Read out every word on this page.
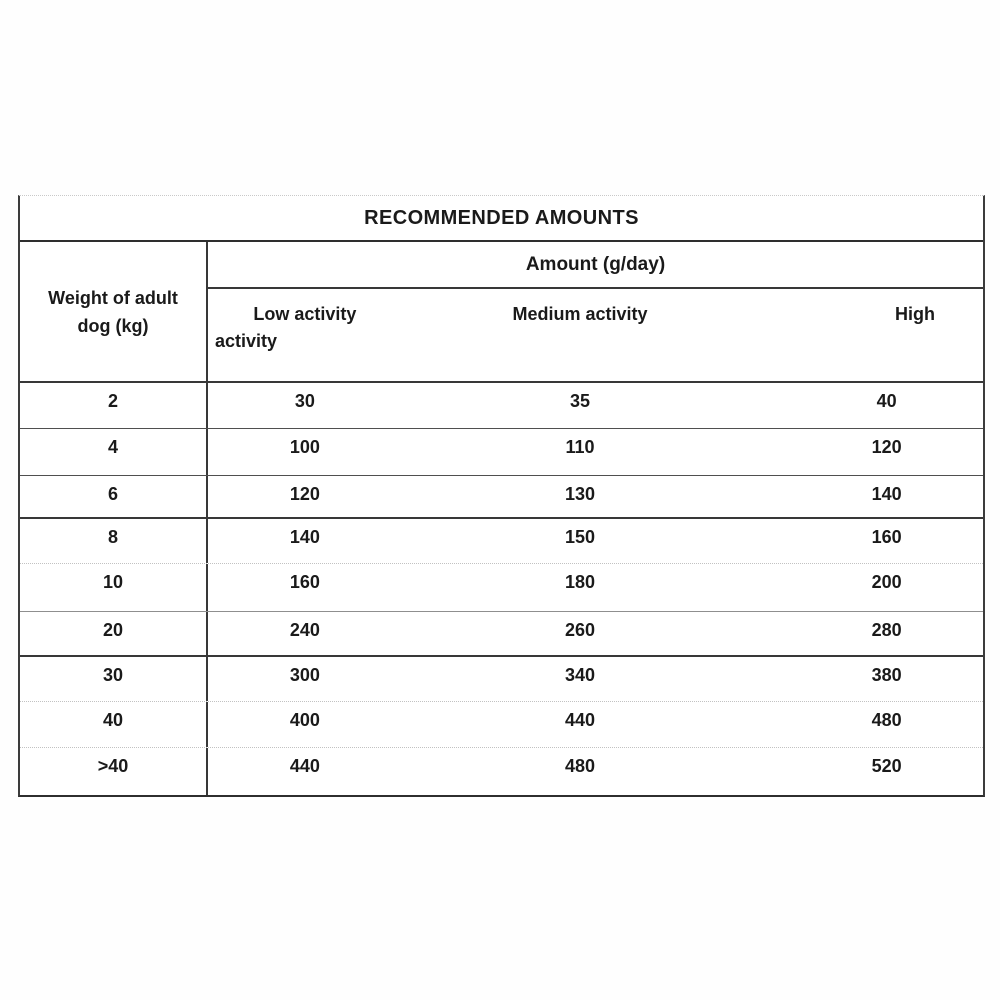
RECOMMENDED AMOUNTS
Weight of adult
dog (kg)
Amount (g/day)
Low activity	Medium activity	High
activity
2	30	35	40
4	100	110	120
6	120	130	140
8	140	150	160
10	160	180	200
20	240	260	280
30	300	340	380
40	400	440	480
>40	440	480	520
